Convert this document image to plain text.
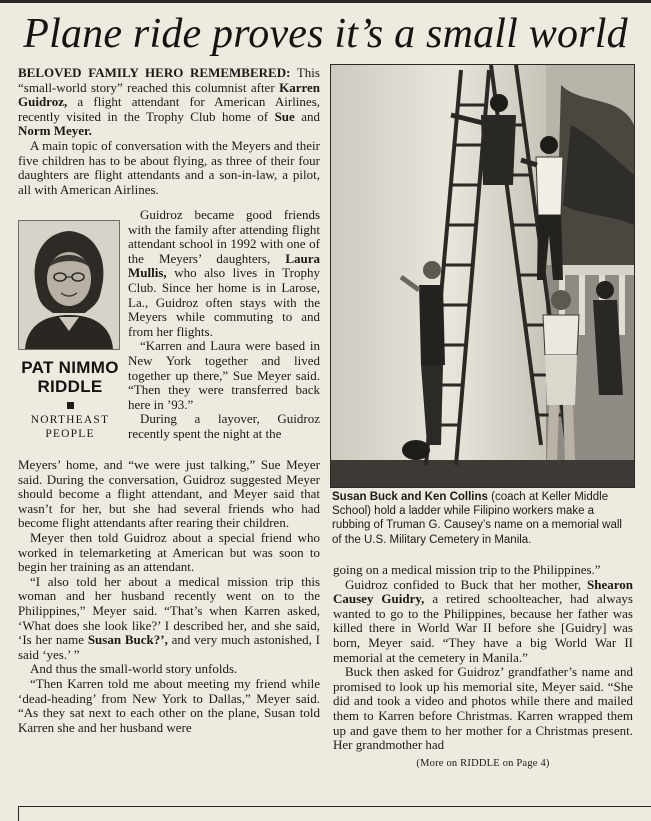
Plane ride proves it’s a small world

BELOVED FAMILY HERO REMEMBERED: This “small-world story” reached this columnist after Karren Guidroz, a flight attendant for American Airlines, recently visited in the Trophy Club home of Sue and Norm Meyer.

A main topic of conversation with the Meyers and their five children has to be about flying, as three of their four daughters are flight attendants and a son-in-law, a pilot, all with American Airlines.

PAT NIMMO RIDDLE
NORTHEAST
PEOPLE

Guidroz became good friends with the family after attending flight attendant school in 1992 with one of the Meyers’ daughters, Laura Mullis, who also lives in Trophy Club. Since her home is in Larose, La., Guidroz often stays with the Meyers while commuting to and from her flights.

“Karren and Laura were based in New York together and lived together up there,” Sue Meyer said. “Then they were transferred back here in ’93.”

During a layover, Guidroz recently spent the night at the

Meyers’ home, and “we were just talking,” Sue Meyer said. During the conversation, Guidroz suggested Meyer should become a flight attendant, and Meyer said that wasn’t for her, but she had several friends who had become flight attendants after rearing their children.

Meyer then told Guidroz about a special friend who worked in telemarketing at American but was soon to begin her training as an attendant.

“I also told her about a medical mission trip this woman and her husband recently went on to the Philippines,” Meyer said. “That’s when Karren asked, ‘What does she look like?’ I described her, and she said, ‘Is her name Susan Buck?’, and very much astonished, I said ‘yes.’ ”

And thus the small-world story unfolds.

“Then Karren told me about meeting my friend while ‘dead-heading’ from New York to Dallas,” Meyer said. “As they sat next to each other on the plane, Susan told Karren she and her husband were

Susan Buck and Ken Collins (coach at Keller Middle School) hold a ladder while Filipino workers make a rubbing of Truman G. Causey’s name on a memorial wall of the U.S. Military Cemetery in Manila.

going on a medical mission trip to the Philippines.”

Guidroz confided to Buck that her mother, Shearon Causey Guidry, a retired schoolteacher, had always wanted to go to the Philippines, because her father was killed there in World War II before she [Guidry] was born, Meyer said. “They have a big World War II memorial at the cemetery in Manila.”

Buck then asked for Guidroz’ grandfather’s name and promised to look up his memorial site, Meyer said. “She did and took a video and photos while there and mailed them to Karren before Christmas. Karren wrapped them up and gave them to her mother for a Christmas present. Her grandmother had

(More on RIDDLE on Page 4)
